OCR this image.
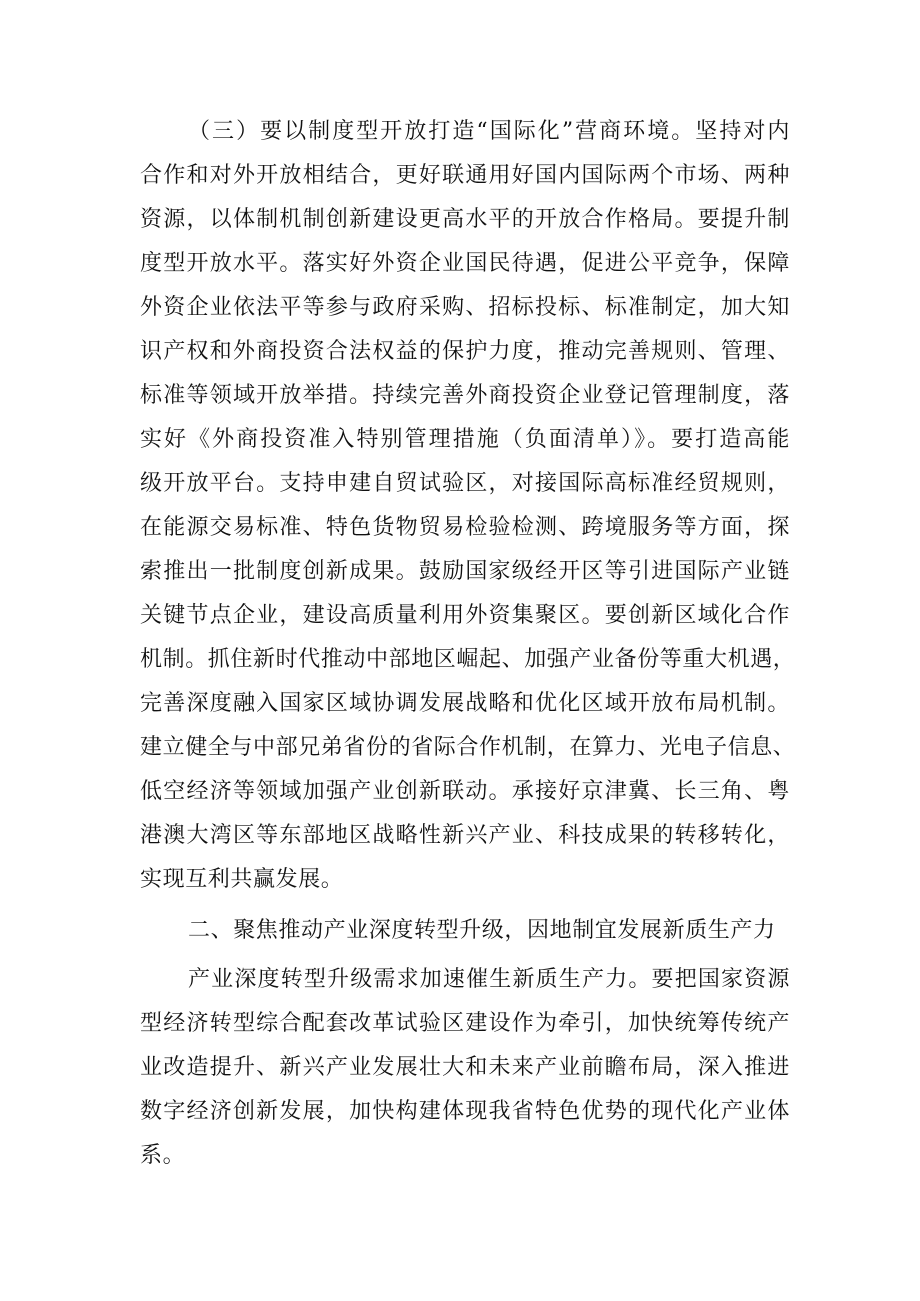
（三）要以制度型开放打造“国际化”营商环境。坚持对内
合作和对外开放相结合，更好联通用好国内国际两个市场、两种
资源，以体制机制创新建设更高水平的开放合作格局。要提升制
度型开放水平。落实好外资企业国民待遇，促进公平竞争，保障
外资企业依法平等参与政府采购、招标投标、标准制定，加大知
识产权和外商投资合法权益的保护力度，推动完善规则、管理、
标准等领域开放举措。持续完善外商投资企业登记管理制度，落
实好《外商投资准入特别管理措施（负面清单）》。要打造高能
级开放平台。支持申建自贸试验区，对接国际高标准经贸规则，
在能源交易标准、特色货物贸易检验检测、跨境服务等方面，探
索推出一批制度创新成果。鼓励国家级经开区等引进国际产业链
关键节点企业，建设高质量利用外资集聚区。要创新区域化合作
机制。抓住新时代推动中部地区崛起、加强产业备份等重大机遇，
完善深度融入国家区域协调发展战略和优化区域开放布局机制。
建立健全与中部兄弟省份的省际合作机制，在算力、光电子信息、
低空经济等领域加强产业创新联动。承接好京津冀、长三角、粤
港澳大湾区等东部地区战略性新兴产业、科技成果的转移转化，
实现互利共赢发展。
二、聚焦推动产业深度转型升级，因地制宜发展新质生产力
产业深度转型升级需求加速催生新质生产力。要把国家资源
型经济转型综合配套改革试验区建设作为牵引，加快统筹传统产
业改造提升、新兴产业发展壮大和未来产业前瞻布局，深入推进
数字经济创新发展，加快构建体现我省特色优势的现代化产业体
系。
